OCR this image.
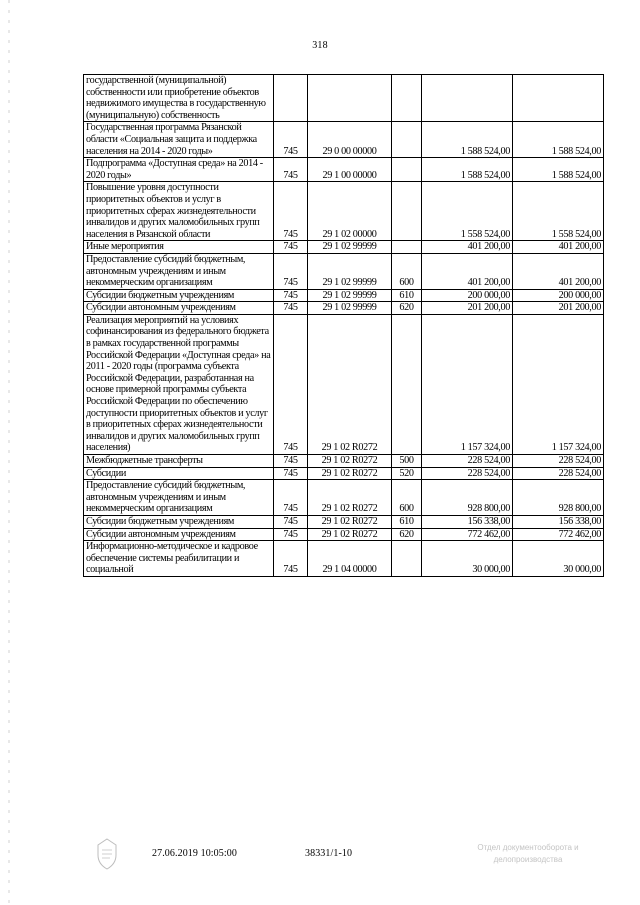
318
государственной (муниципальной) собственности или приобретение объектов недвижимого имущества в государственную (муниципальную) собственность					
Государственная программа Рязанской области «Социальная защита и поддержка населения на 2014 - 2020 годы»	745	29 0 00 00000		1 588 524,00	1 588 524,00
Подпрограмма «Доступная среда» на 2014 - 2020 годы»	745	29 1 00 00000		1 588 524,00	1 588 524,00
Повышение уровня доступности приоритетных объектов и услуг в приоритетных сферах жизнедеятельности инвалидов и других маломобильных групп населения в Рязанской области	745	29 1 02 00000		1 558 524,00	1 558 524,00
Иные мероприятия	745	29 1 02 99999		401 200,00	401 200,00
Предоставление субсидий бюджетным, автономным учреждениям и иным некоммерческим организациям	745	29 1 02 99999	600	401 200,00	401 200,00
Субсидии бюджетным учреждениям	745	29 1 02 99999	610	200 000,00	200 000,00
Субсидии автономным учреждениям	745	29 1 02 99999	620	201 200,00	201 200,00
Реализация мероприятий на условиях софинансирования из федерального бюджета в рамках государственной программы Российской Федерации «Доступная среда» на 2011 - 2020 годы (программа субъекта Российской Федерации, разработанная на основе примерной программы субъекта Российской Федерации по обеспечению доступности приоритетных объектов и услуг в приоритетных сферах жизнедеятельности инвалидов и других маломобильных групп населения)	745	29 1 02 R0272		1 157 324,00	1 157 324,00
Межбюджетные трансферты	745	29 1 02 R0272	500	228 524,00	228 524,00
Субсидии	745	29 1 02 R0272	520	228 524,00	228 524,00
Предоставление субсидий бюджетным, автономным учреждениям и иным некоммерческим организациям	745	29 1 02 R0272	600	928 800,00	928 800,00
Субсидии бюджетным учреждениям	745	29 1 02 R0272	610	156 338,00	156 338,00
Субсидии автономным учреждениям	745	29 1 02 R0272	620	772 462,00	772 462,00
Информационно-методическое и кадровое обеспечение системы реабилитации и социальной	745	29 1 04 00000		30 000,00	30 000,00
27.06.2019 10:05:00	38331/1-10
Отдел документооборота и делопроизводства
